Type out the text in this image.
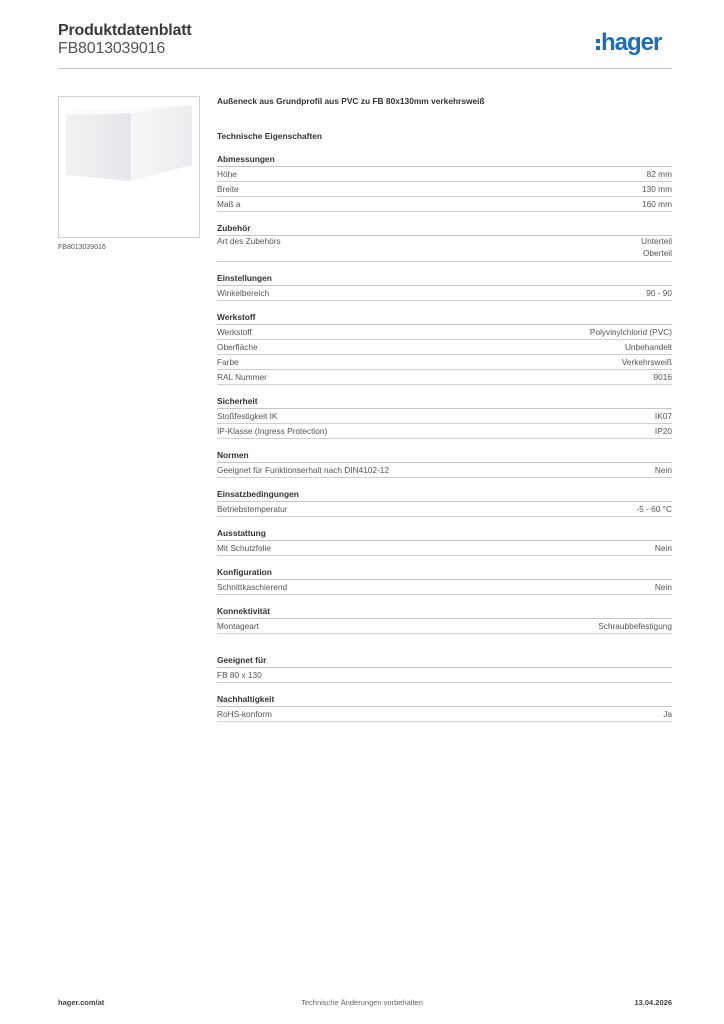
Produktdatenblatt
FB8013039016	hager
FB8013039016
Außeneck aus Grundprofil aus PVC zu FB 80x130mm verkehrsweiß
Technische Eigenschaften
Abmessungen
Höhe	82 mm
Breite	130 mm
Maß a	160 mm
Zubehör
Art des Zubehörs	Unterteil
Oberteil
Einstellungen
Winkelbereich	90 - 90
Werkstoff
Werkstoff	Polyvinylchlorid (PVC)
Oberfläche	Unbehandelt
Farbe	Verkehrsweiß
RAL Nummer	9016
Sicherheit
Stoßfestigkeit IK	IK07
IP-Klasse (Ingress Protection)	IP20
Normen
Geeignet für Funktionserhalt nach DIN4102-12	Nein
Einsatzbedingungen
Betriebstemperatur	-5 - 60 °C
Ausstattung
Mit Schutzfolie	Nein
Konfiguration
Schnittkaschierend	Nein
Konnektivität
Montageart	Schraubbefestigung
Geeignet für
FB 80 x 130
Nachhaltigkeit
RoHS-konform	Ja
hager.com/at	Technische Änderungen vorbehalten	13.04.2026
